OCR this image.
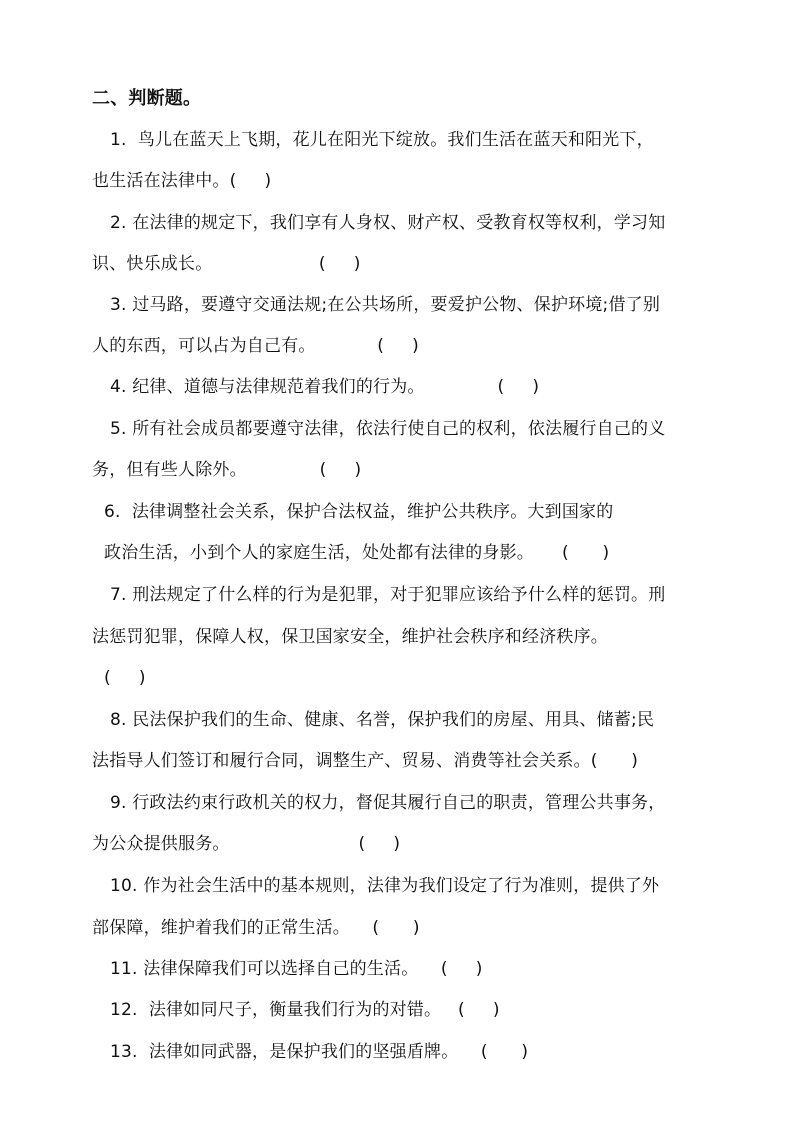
二、判断题。
1.  鸟儿在蓝天上飞期，花儿在阳光下绽放。我们生活在蓝天和阳光下，
也生活在法律中。(     )
2. 在法律的规定下，我们享有人身权、财产权、受教育权等权利，学习知
识、快乐成长。                   (     )
3. 过马路，要遵守交通法规;在公共场所，要爱护公物、保护环境;借了别
人的东西，可以占为自己有。           (     )
4. 纪律、道德与法律规范着我们的行为。             (     )
5. 所有社会成员都要遵守法律，依法行使自己的权利，依法履行自己的义
务，但有些人除外。             (     )
6.  法律调整社会关系，保护合法权益，维护公共秩序。大到国家的
政治生活，小到个人的家庭生活，处处都有法律的身影。     (      )
7. 刑法规定了什么样的行为是犯罪，对于犯罪应该给予什么样的惩罚。刑
法惩罚犯罪，保障人权，保卫国家安全，维护社会秩序和经济秩序。
(     )
8. 民法保护我们的生命、健康、名誉，保护我们的房屋、用具、储蓄;民
法指导人们签订和履行合同，调整生产、贸易、消费等社会关系。(      )
9. 行政法约束行政机关的权力，督促其履行自己的职责，管理公共事务，
为公众提供服务。                       (     )
10. 作为社会生活中的基本规则，法律为我们设定了行为准则，提供了外
部保障，维护着我们的正常生活。    (      )
11. 法律保障我们可以选择自己的生活。    (     )
12.  法律如同尺子，衡量我们行为的对错。   (     )
13.  法律如同武器，是保护我们的坚强盾牌。    (      )
